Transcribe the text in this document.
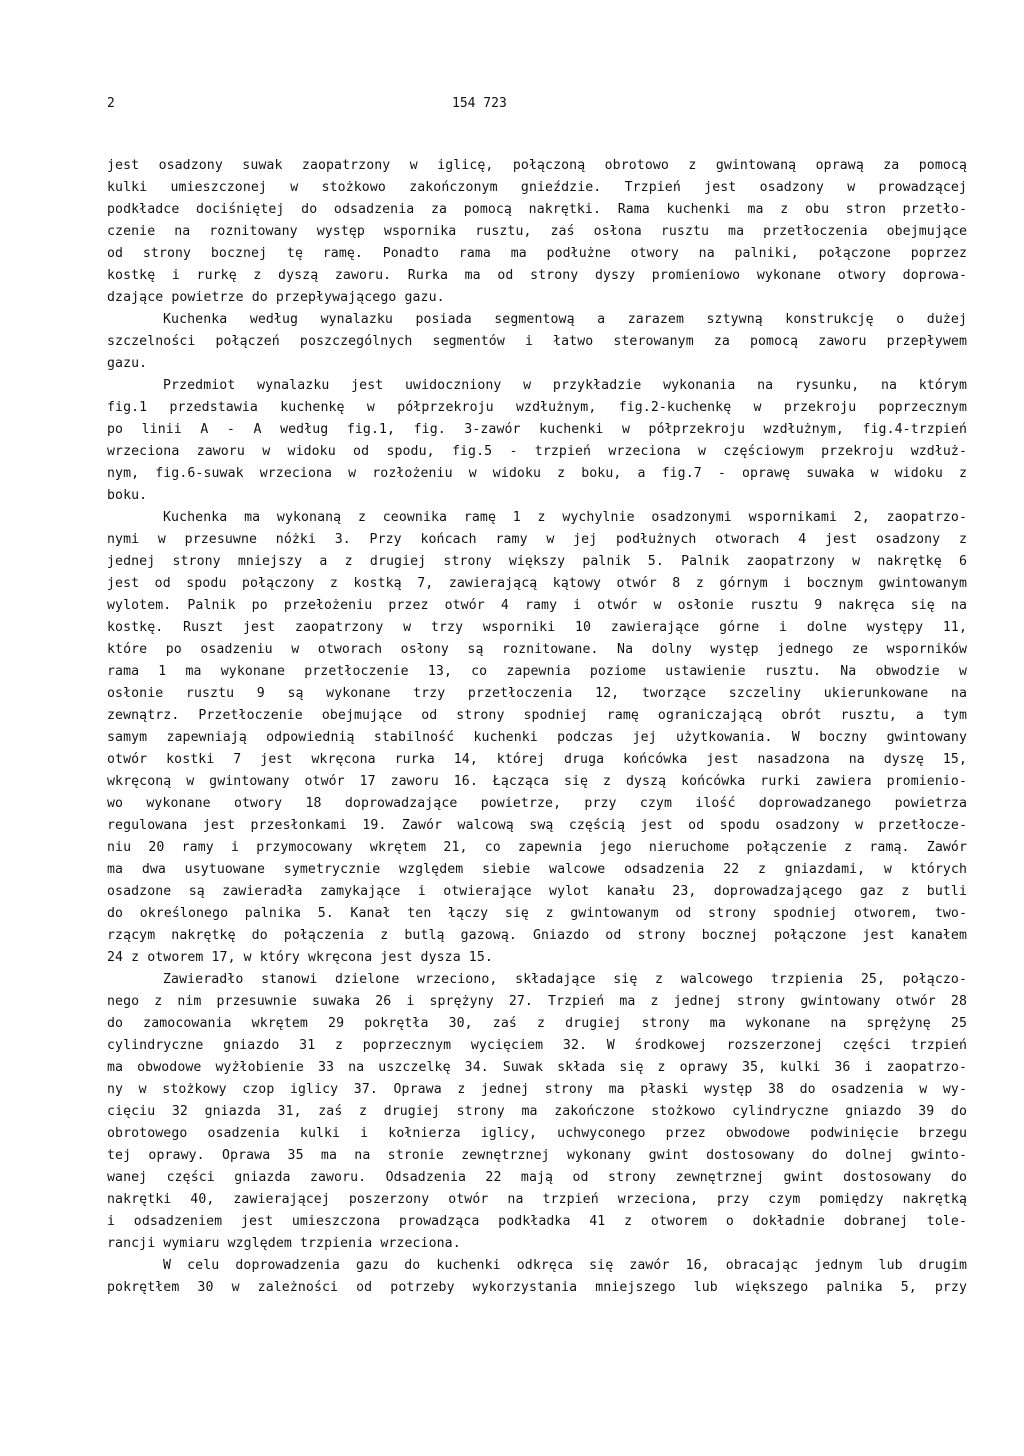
2	154 723
jest osadzony suwak zaopatrzony w iglicę, połączoną obrotowo z gwintowaną oprawą za pomocą
kulki umieszczonej w stożkowo zakończonym gnieździe. Trzpień jest osadzony w prowadzącej
podkładce dociśniętej do odsadzenia za pomocą nakrętki. Rama kuchenki ma z obu stron przetło-
czenie na roznitowany występ wspornika rusztu, zaś osłona rusztu ma przetłoczenia obejmujące
od strony bocznej tę ramę. Ponadto rama ma podłużne otwory na palniki, połączone poprzez
kostkę i rurkę z dyszą zaworu. Rurka ma od strony dyszy promieniowo wykonane otwory doprowa-
dzające powietrze do przepływającego gazu.
Kuchenka według wynalazku posiada segmentową a zarazem sztywną konstrukcję o dużej
szczelności połączeń poszczególnych segmentów i łatwo sterowanym za pomocą zaworu przepływem
gazu.
Przedmiot wynalazku jest uwidoczniony w przykładzie wykonania na rysunku, na którym
fig.1 przedstawia kuchenkę w półprzekroju wzdłużnym, fig.2-kuchenkę w przekroju poprzecznym
po linii A - A według fig.1, fig. 3-zawór kuchenki w półprzekroju wzdłużnym, fig.4-trzpień
wrzeciona zaworu w widoku od spodu, fig.5 - trzpień wrzeciona w częściowym przekroju wzdłuż-
nym, fig.6-suwak wrzeciona w rozłożeniu w widoku z boku, a fig.7 - oprawę suwaka w widoku z
boku.
Kuchenka ma wykonaną z ceownika ramę 1 z wychylnie osadzonymi wspornikami 2, zaopatrzo-
nymi w przesuwne nóżki 3. Przy końcach ramy w jej podłużnych otworach 4 jest osadzony z
jednej strony mniejszy a z drugiej strony większy palnik 5. Palnik zaopatrzony w nakrętkę 6
jest od spodu połączony z kostką 7, zawierającą kątowy otwór 8 z górnym i bocznym gwintowanym
wylotem. Palnik po przełożeniu przez otwór 4 ramy i otwór w osłonie rusztu 9 nakręca się na
kostkę. Ruszt jest zaopatrzony w trzy wsporniki 10 zawierające górne i dolne występy 11,
które po osadzeniu w otworach osłony są roznitowane. Na dolny występ jednego ze wsporników
rama 1 ma wykonane przetłoczenie 13, co zapewnia poziome ustawienie rusztu. Na obwodzie w
osłonie rusztu 9 są wykonane trzy przetłoczenia 12, tworzące szczeliny ukierunkowane na
zewnątrz. Przetłoczenie obejmujące od strony spodniej ramę ograniczającą obrót rusztu, a tym
samym zapewniają odpowiednią stabilność kuchenki podczas jej użytkowania. W boczny gwintowany
otwór kostki 7 jest wkręcona rurka 14, której druga końcówka jest nasadzona na dyszę 15,
wkręconą w gwintowany otwór 17 zaworu 16. Łącząca się z dyszą końcówka rurki zawiera promienio-
wo wykonane otwory 18 doprowadzające powietrze, przy czym ilość doprowadzanego powietrza
regulowana jest przesłonkami 19. Zawór walcową swą częścią jest od spodu osadzony w przetłocze-
niu 20 ramy i przymocowany wkrętem 21, co zapewnia jego nieruchome połączenie z ramą. Zawór
ma dwa usytuowane symetrycznie względem siebie walcowe odsadzenia 22 z gniazdami, w których
osadzone są zawieradła zamykające i otwierające wylot kanału 23, doprowadzającego gaz z butli
do określonego palnika 5. Kanał ten łączy się z gwintowanym od strony spodniej otworem, two-
rzącym nakrętkę do połączenia z butlą gazową. Gniazdo od strony bocznej połączone jest kanałem
24 z otworem 17, w który wkręcona jest dysza 15.
Zawieradło stanowi dzielone wrzeciono, składające się z walcowego trzpienia 25, połączo-
nego z nim przesuwnie suwaka 26 i sprężyny 27. Trzpień ma z jednej strony gwintowany otwór 28
do zamocowania wkrętem 29 pokrętła 30, zaś z drugiej strony ma wykonane na sprężynę 25
cylindryczne gniazdo 31 z poprzecznym wycięciem 32. W środkowej rozszerzonej części trzpień
ma obwodowe wyżłobienie 33 na uszczelkę 34. Suwak składa się z oprawy 35, kulki 36 i zaopatrzo-
ny w stożkowy czop iglicy 37. Oprawa z jednej strony ma płaski występ 38 do osadzenia w wy-
cięciu 32 gniazda 31, zaś z drugiej strony ma zakończone stożkowo cylindryczne gniazdo 39 do
obrotowego osadzenia kulki i kołnierza iglicy, uchwyconego przez obwodowe podwinięcie brzegu
tej oprawy. Oprawa 35 ma na stronie zewnętrznej wykonany gwint dostosowany do dolnej gwinto-
wanej części gniazda zaworu. Odsadzenia 22 mają od strony zewnętrznej gwint dostosowany do
nakrętki 40, zawierającej poszerzony otwór na trzpień wrzeciona, przy czym pomiędzy nakrętką
i odsadzeniem jest umieszczona prowadząca podkładka 41 z otworem o dokładnie dobranej tole-
rancji wymiaru względem trzpienia wrzeciona.
W celu doprowadzenia gazu do kuchenki odkręca się zawór 16, obracając jednym lub drugim
pokrętłem 30 w zależności od potrzeby wykorzystania mniejszego lub większego palnika 5, przy
